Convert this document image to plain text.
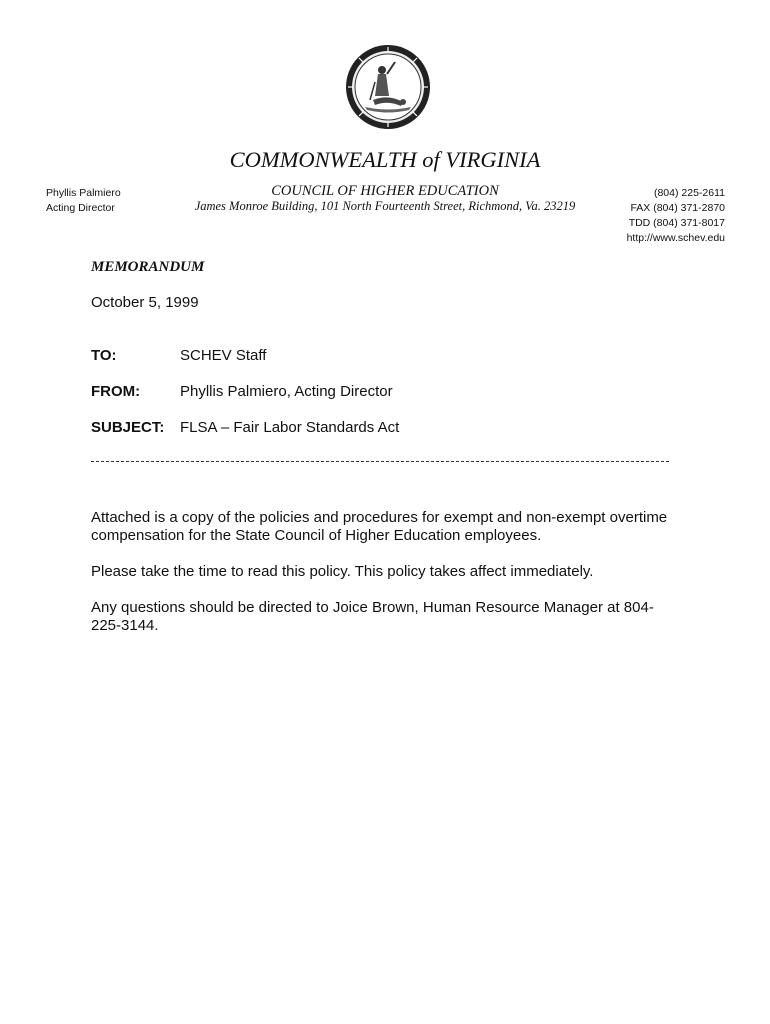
COMMONWEALTH of VIRGINIA
COUNCIL OF HIGHER EDUCATION
James Monroe Building, 101 North Fourteenth Street, Richmond, Va. 23219
Phyllis Palmiero
Acting Director
(804) 225-2611
FAX (804) 371-2870
TDD (804) 371-8017
http://www.schev.edu
MEMORANDUM
October 5, 1999
TO:	SCHEV Staff
FROM:	Phyllis Palmiero, Acting Director
SUBJECT: FLSA – Fair Labor Standards Act

Attached is a copy of the policies and procedures for exempt and non-exempt overtime compensation for the State Council of Higher Education employees.

Please take the time to read this policy. This policy takes affect immediately.

Any questions should be directed to Joice Brown, Human Resource Manager at 804-225-3144.
